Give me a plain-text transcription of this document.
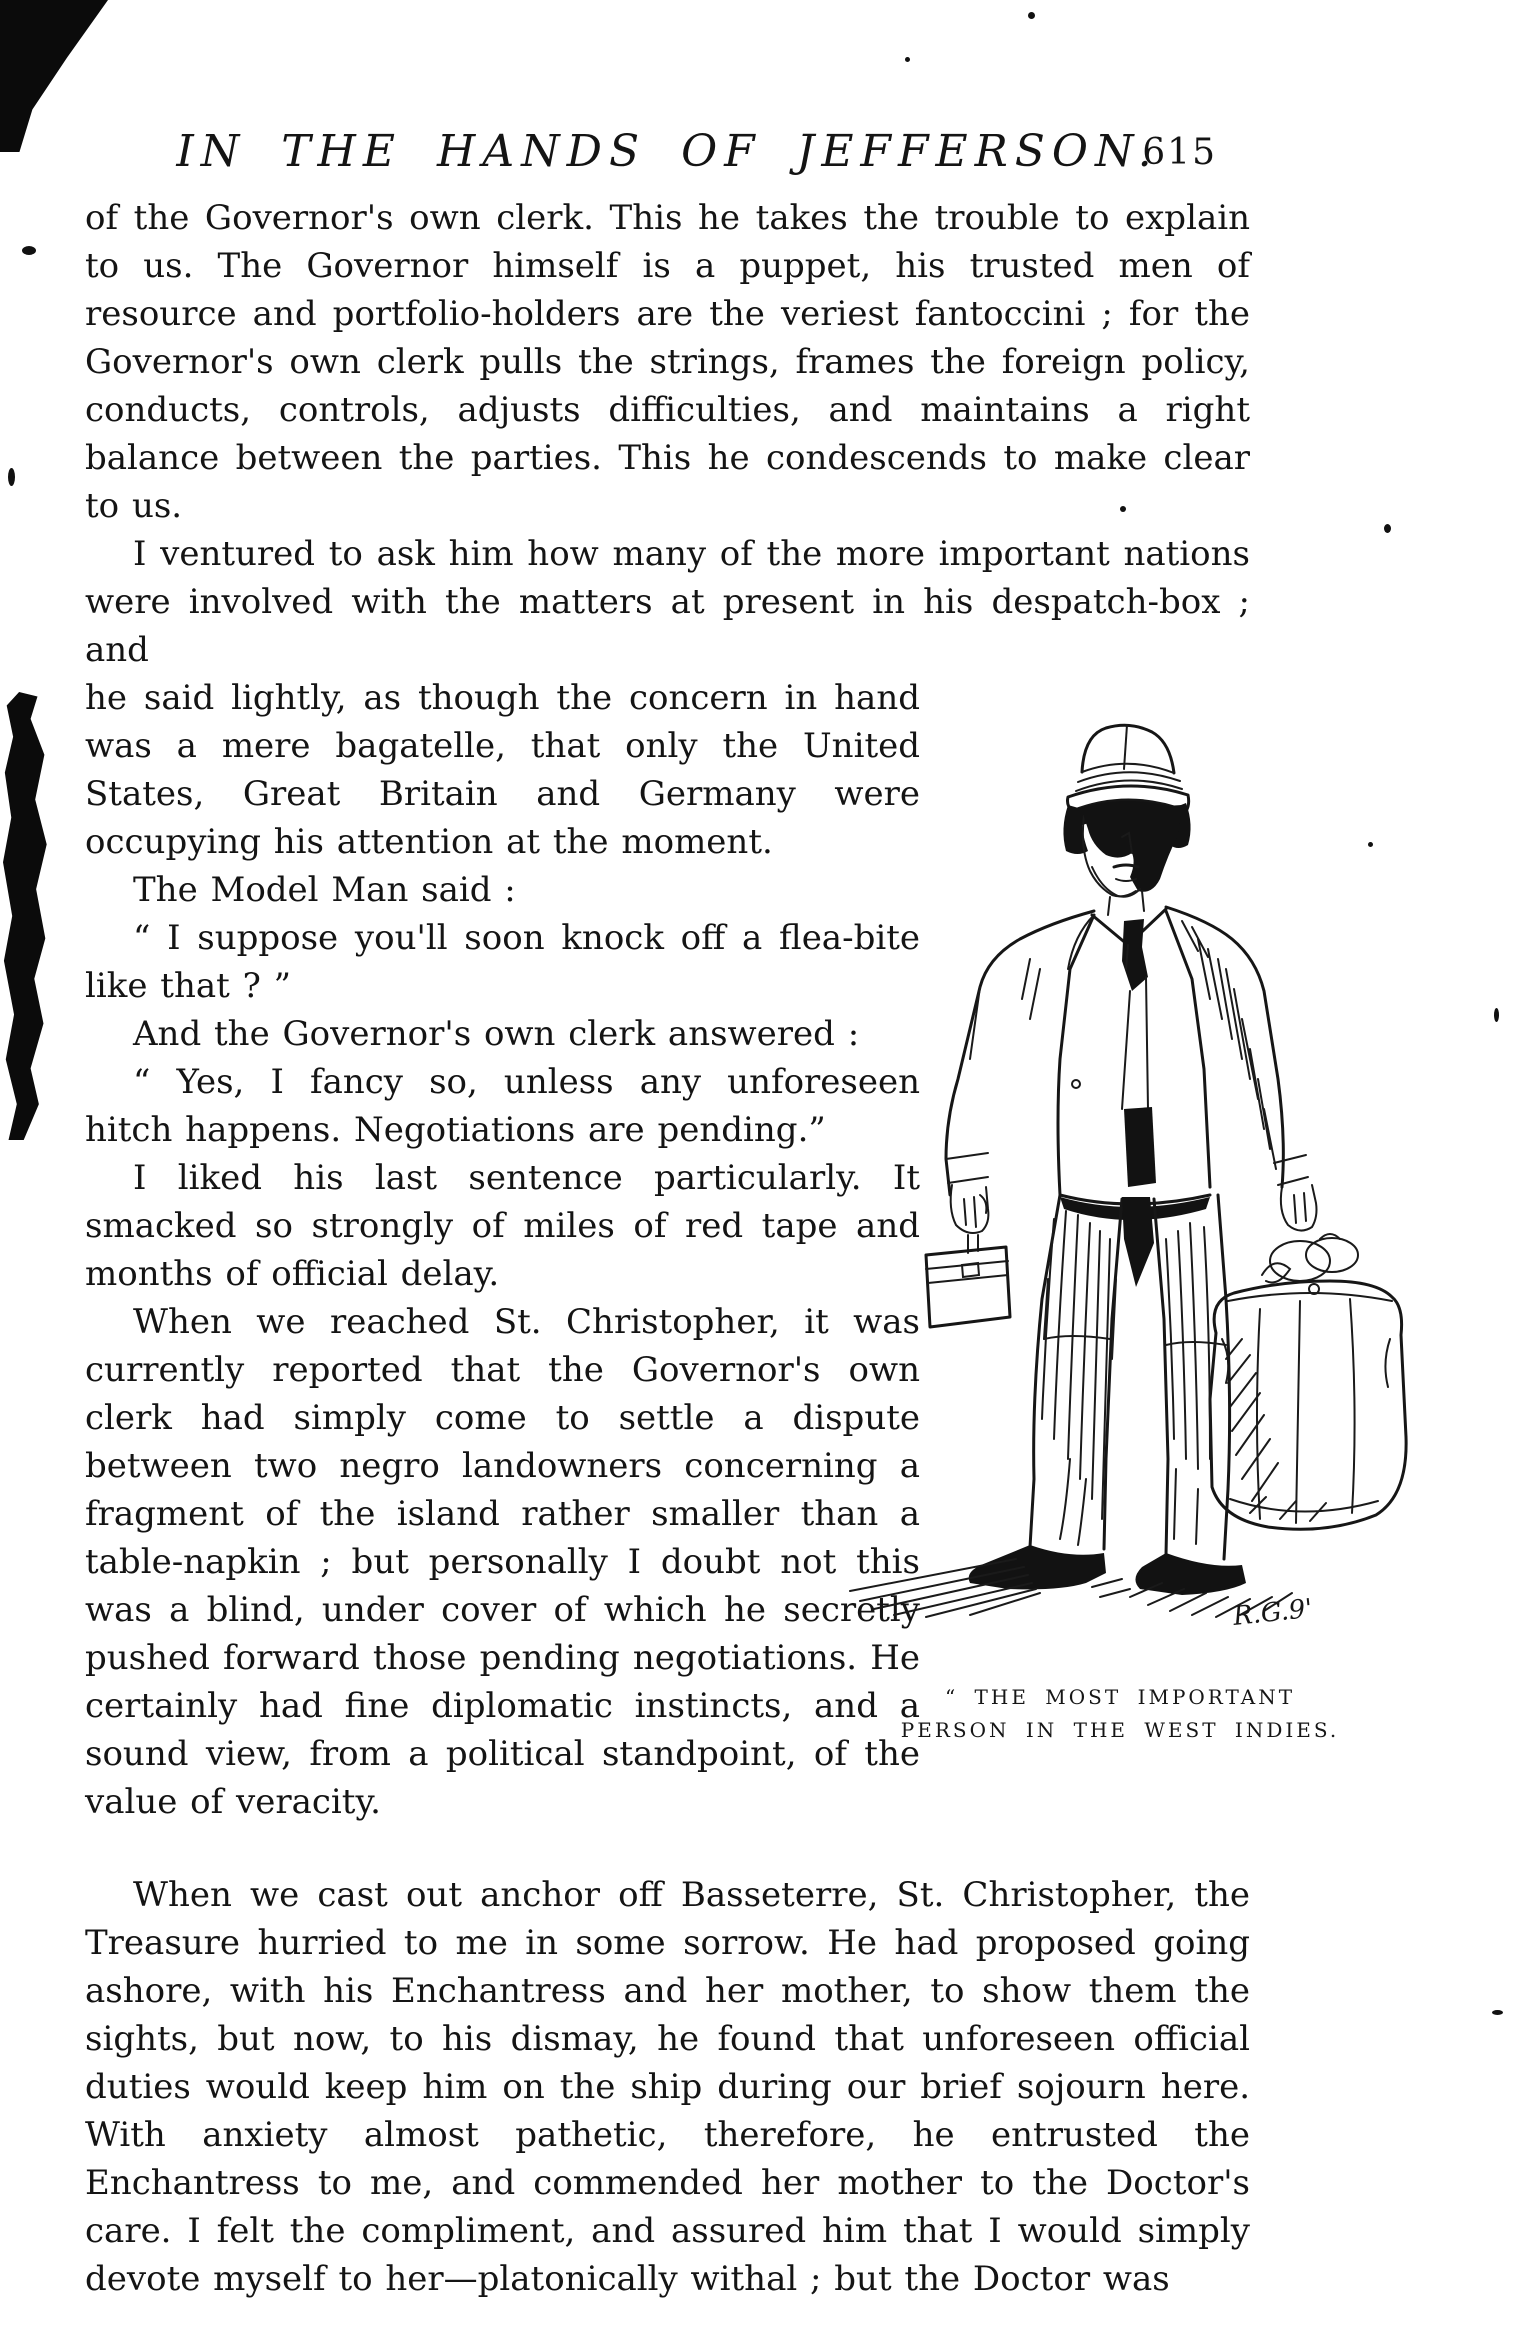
IN THE HANDS OF JEFFERSON.
615

of the Governor's own clerk. This he takes the trouble to explain to us. The Governor himself is a puppet, his trusted men of resource and portfolio-holders are the veriest fantoccini ; for the Governor's own clerk pulls the strings, frames the foreign policy, conducts, controls, adjusts difficulties, and maintains a right balance between the parties. This he condescends to make clear to us.

I ventured to ask him how many of the more important nations were involved with the matters at present in his despatch-box ; and

R.G.9'
“ THE MOST IMPORTANT
PERSON IN THE WEST INDIES.

he said lightly, as though the concern in hand was a mere bagatelle, that only the United States, Great Britain and Germany were occupying his attention at the moment.

The Model Man said :

“ I suppose you'll soon knock off a flea-bite like that ? ”

And the Governor's own clerk answered :

“ Yes, I fancy so, unless any unforeseen hitch happens. Negotiations are pending.”

I liked his last sentence particularly. It smacked so strongly of miles of red tape and months of official delay.

When we reached St. Christopher, it was currently reported that the Governor's own clerk had simply come to settle a dispute between two negro landowners concerning a fragment of the island rather smaller than a table-napkin ; but personally I doubt not this was a blind, under cover of which he secretly pushed forward those pending negotiations. He certainly had fine diplomatic instincts, and a sound view, from a political standpoint, of the value of veracity.

When we cast out anchor off Basseterre, St. Christopher, the Treasure hurried to me in some sorrow. He had proposed going ashore, with his Enchantress and her mother, to show them the sights, but now, to his dismay, he found that unforeseen official duties would keep him on the ship during our brief sojourn here. With anxiety almost pathetic, therefore, he entrusted the Enchantress to me, and commended her mother to the Doctor's care. I felt the compliment, and assured him that I would simply devote myself to her—platonically withal ; but the Doctor was
